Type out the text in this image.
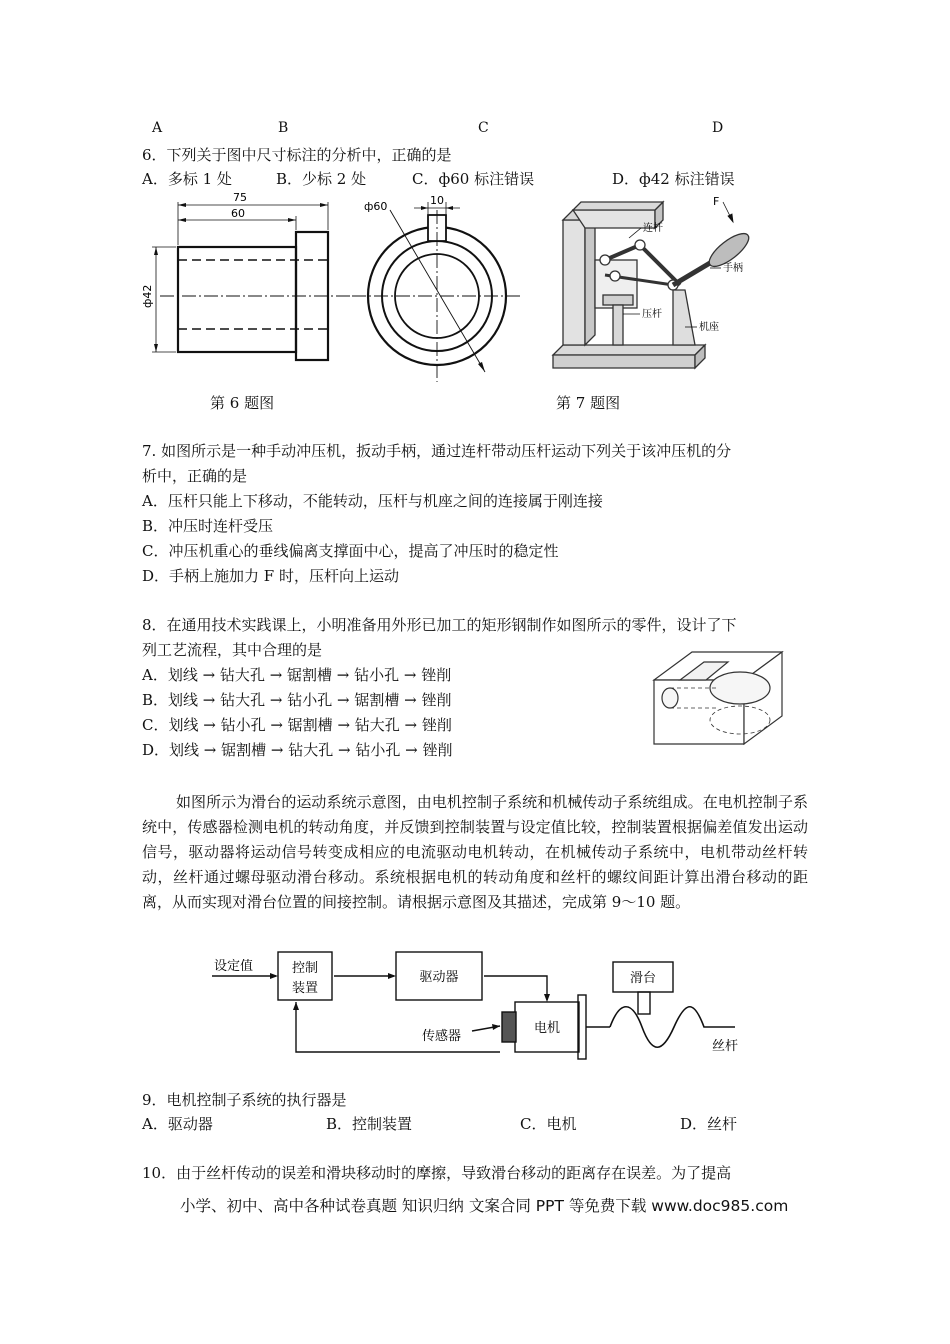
A	B	C	D
6．下列关于图中尺寸标注的分析中，正确的是
A．多标 1 处	B．少标 2 处	C．ф60 标注错误	D．ф42 标注错误
75
60
ф42
ф60	10	F
连杆
手柄
压杆
机座
第 6 题图	第 7 题图
7. 如图所示是一种手动冲压机，扳动手柄，通过连杆带动压杆运动下列关于该冲压机的分
析中，正确的是
A．压杆只能上下移动，不能转动，压杆与机座之间的连接属于刚连接
B．冲压时连杆受压
C．冲压机重心的垂线偏离支撑面中心，提高了冲压时的稳定性
D．手柄上施加力 F 时，压杆向上运动
8．在通用技术实践课上，小明准备用外形已加工的矩形钢制作如图所示的零件，设计了下
列工艺流程，其中合理的是
A．划线 → 钻大孔 → 锯割槽 → 钻小孔 → 锉削
B．划线 → 钻大孔 → 钻小孔 → 锯割槽 → 锉削
C．划线 → 钻小孔 → 锯割槽 → 钻大孔 → 锉削
D．划线 → 锯割槽 → 钻大孔 → 钻小孔 → 锉削
如图所示为滑台的运动系统示意图，由电机控制子系统和机械传动子系统组成。在电机控制子系统中，传感器检测电机的转动角度，并反馈到控制装置与设定值比较，控制装置根据偏差值发出运动信号，驱动器将运动信号转变成相应的电流驱动电机转动，在机械传动子系统中，电机带动丝杆转动，丝杆通过螺母驱动滑台移动。系统根据电机的转动角度和丝杆的螺纹间距计算出滑台移动的距离，从而实现对滑台位置的间接控制。请根据示意图及其描述，完成第 9～10 题。
设定值	控制
装置
驱动器
电机
传感器
滑台
丝杆
9．电机控制子系统的执行器是
A．驱动器	B．控制装置	C．电机	D．丝杆
10．由于丝杆传动的误差和滑块移动时的摩擦，导致滑台移动的距离存在误差。为了提高
小学、初中、高中各种试卷真题 知识归纳 文案合同 PPT 等免费下载 www.doc985.com
